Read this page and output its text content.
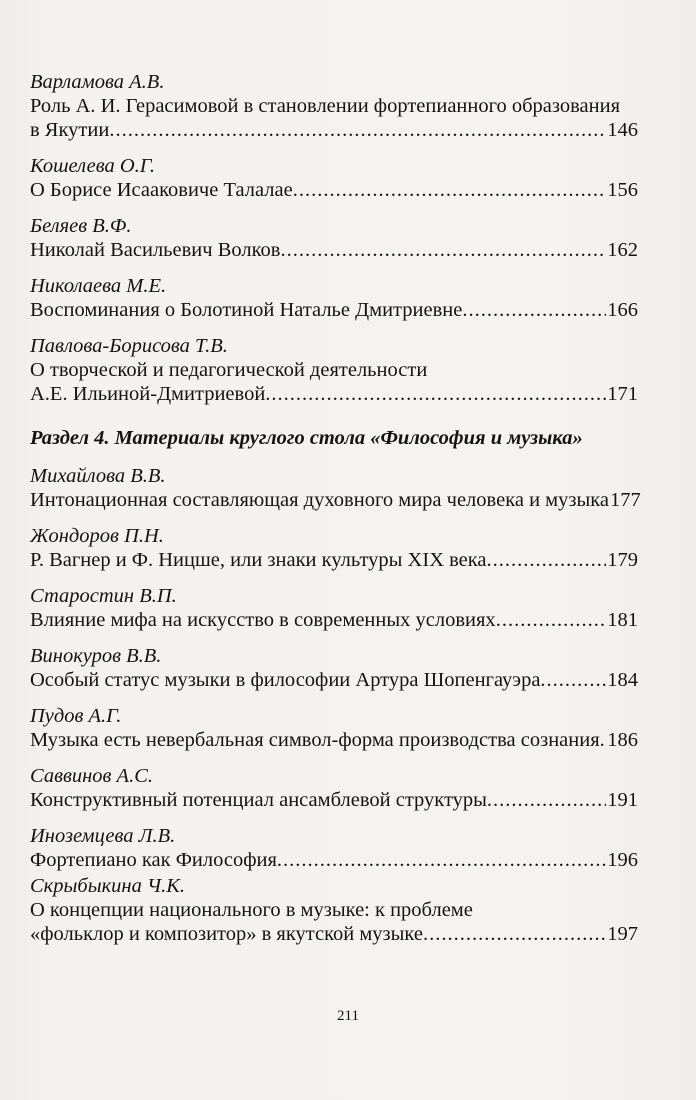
Варламова А.В.
Роль А. И. Герасимовой в становлении фортепианного образования
в Якутии .....	146
Кошелева О.Г.
О Борисе Исааковиче Талалае .....	156
Беляев В.Ф.
Николай Васильевич Волков .....	162
Николаева М.Е.
Воспоминания о Болотиной Наталье Дмитриевне .....	166
Павлова-Борисова Т.В.
О творческой и педагогической деятельности
А.Е. Ильиной-Дмитриевой .....	171
Раздел 4. Материалы круглого стола «Философия и музыка»
Михайлова В.В.
Интонационная составляющая духовного мира человека и музыка 177
Жондоров П.Н.
Р. Вагнер и Ф. Ницше, или знаки культуры XIX века .....	179
Старостин В.П.
Влияние мифа на искусство в современных условиях .....	181
Винокуров В.В.
Особый статус музыки в философии Артура Шопенгауэра .....	184
Пудов А.Г.
Музыка есть невербальная символ-форма производства сознания ..... 186
Саввинов А.С.
Конструктивный потенциал ансамблевой структуры .....	191
Иноземцева Л.В.
Фортепиано как Философия .....	196
Скрыбыкина Ч.К.
О концепции национального в музыке: к проблеме
«фольклор и композитор» в якутской музыке .....	197
211
